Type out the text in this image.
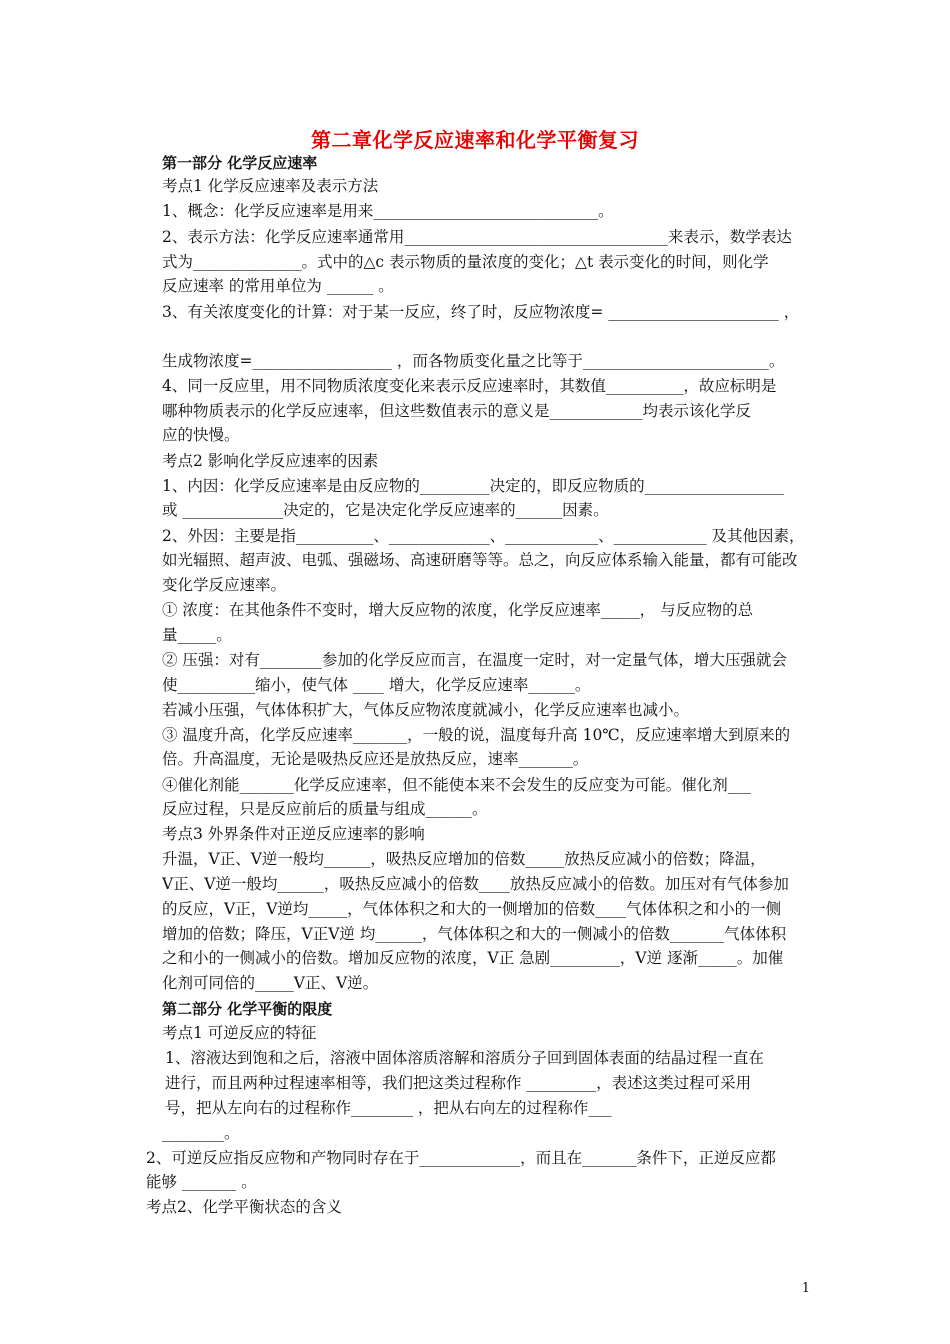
第二章化学反应速率和化学平衡复习
第一部分 化学反应速率
考点1 化学反应速率及表示方法
1、概念：化学反应速率是用来_____________________________。
2、表示方法：化学反应速率通常用__________________________________来表示，数学表达
式为______________。式中的△c 表示物质的量浓度的变化；△t 表示变化的时间，则化学
反应速率 的常用单位为 ______ 。
3、有关浓度变化的计算：对于某一反应，终了时，反应物浓度= ______________________ ，
生成物浓度=__________________ ，而各物质变化量之比等于________________________。
4、同一反应里，用不同物质浓度变化来表示反应速率时，其数值__________，故应标明是
哪种物质表示的化学反应速率，但这些数值表示的意义是____________均表示该化学反
应的快慢。
考点2 影响化学反应速率的因素
1、内因：化学反应速率是由反应物的_________决定的，即反应物质的__________________
或 _____________决定的，它是决定化学反应速率的______因素。
2、外因：主要是指__________、_____________、____________、____________ 及其他因素，
如光辐照、超声波、电弧、强磁场、高速研磨等等。总之，向反应体系输入能量，都有可能改
变化学反应速率。
① 浓度：在其他条件不变时，增大反应物的浓度，化学反应速率_____， 与反应物的总
量_____。
② 压强：对有________参加的化学反应而言，在温度一定时，对一定量气体，增大压强就会
使__________缩小，使气体 ____ 增大，化学反应速率______。
若减小压强，气体体积扩大，气体反应物浓度就减小，化学反应速率也减小。
③ 温度升高，化学反应速率_______，一般的说，温度每升高 10℃，反应速率增大到原来的
倍。升高温度，无论是吸热反应还是放热反应，速率_______。
④催化剂能_______化学反应速率，但不能使本来不会发生的反应变为可能。催化剂___
反应过程，只是反应前后的质量与组成______。
考点3 外界条件对正逆反应速率的影响
升温，V正、V逆一般均______，吸热反应增加的倍数_____放热反应减小的倍数；降温，
V正、V逆一般均______，吸热反应减小的倍数____放热反应减小的倍数。加压对有气体参加
的反应，V正，V逆均_____，气体体积之和大的一侧增加的倍数____气体体积之和小的一侧
增加的倍数；降压，V正V逆 均______，气体体积之和大的一侧减小的倍数_______气体体积
之和小的一侧减小的倍数。增加反应物的浓度，V正 急剧_________，V逆 逐渐_____。加催
化剂可同倍的_____V正、V逆。
第二部分 化学平衡的限度
考点1 可逆反应的特征
1、溶液达到饱和之后，溶液中固体溶质溶解和溶质分子回到固体表面的结晶过程一直在
进行，而且两种过程速率相等，我们把这类过程称作 _________，表述这类过程可采用
号，把从左向右的过程称作________ ，把从右向左的过程称作___
________。
2、可逆反应指反应物和产物同时存在于_____________，而且在_______条件下，正逆反应都
能够 _______ 。
考点2、化学平衡状态的含义
1
